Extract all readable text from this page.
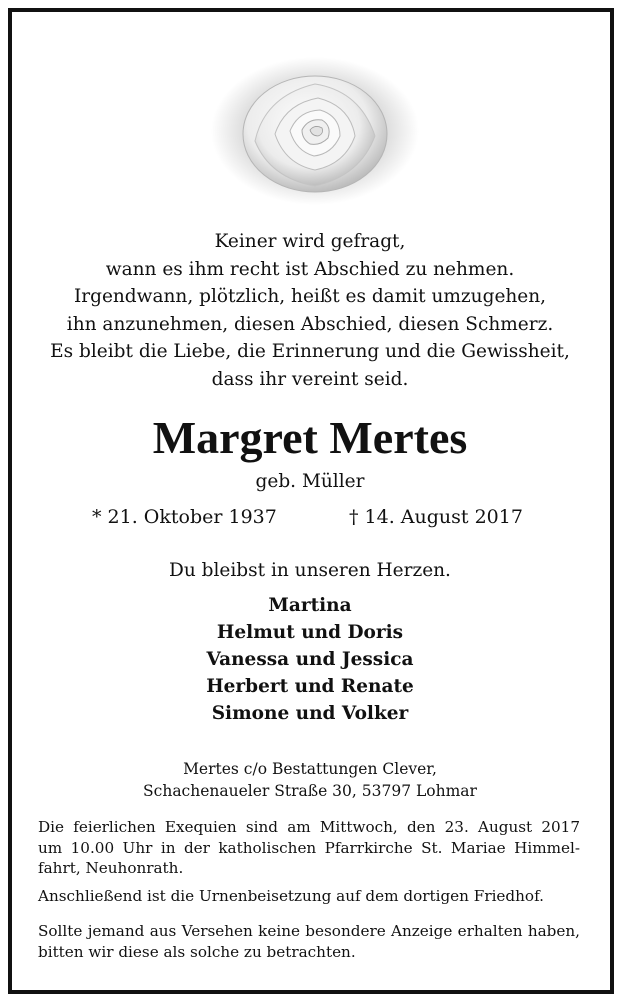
Keiner wird gefragt,
wann es ihm recht ist Abschied zu nehmen.
Irgendwann, plötzlich, heißt es damit umzugehen,
ihn anzunehmen, diesen Abschied, diesen Schmerz.
Es bleibt die Liebe, die Erinnerung und die Gewissheit,
dass ihr vereint seid.
Margret Mertes
geb. Müller
* 21. Oktober 1937	† 14. August 2017
Du bleibst in unseren Herzen.
Martina
Helmut und Doris
Vanessa und Jessica
Herbert und Renate
Simone und Volker
Mertes c/o Bestattungen Clever,
Schachenaueler Straße 30, 53797 Lohmar
Die feierlichen Exequien sind am Mittwoch, den 23. August 2017
um 10.00 Uhr in der katholischen Pfarrkirche St. Mariae Himmel-
fahrt, Neuhonrath.
Anschließend ist die Urnenbeisetzung auf dem dortigen Friedhof.
Sollte jemand aus Versehen keine besondere Anzeige erhalten haben,
bitten wir diese als solche zu betrachten.
